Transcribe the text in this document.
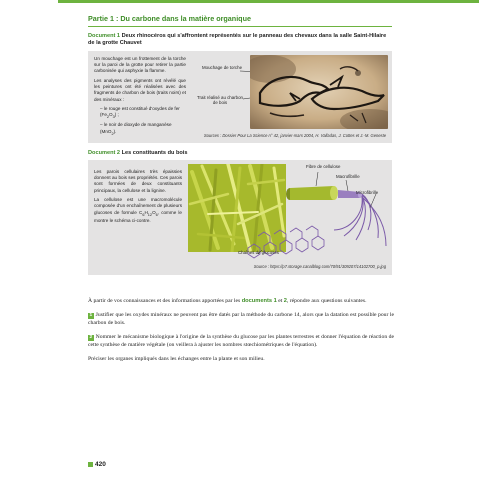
Partie 1 : Du carbone dans la matière organique
Document 1 Deux rhinocéros qui s'affrontent représentés sur le panneau des chevaux dans la salle Saint-Hilaire de la grotte Chauvet

Un mouchage est un frottement de la torche sur la paroi de la grotte pour retirer la partie carbonisée qui asphyxie la flamme.

Les analyses des pigments ont révélé que les peintures ont été réalisées avec des fragments de charbon de bois (traits noirs) et des minéraux :

– le rouge est constitué d'oxydes de fer $(Fe_2O_3)$ ;
– le noir de dioxyde de manganèse (MnO$_2$).
Mouchage de torche
Trait réalisé au charbon de bois
Sources : Dossier Pour La Science n° 42, janvier-mars 2004, H. Valladas, J. Cottes et J.-M. Geneste
Document 2 Les constituants du bois

Les parois cellulaires très épaissies donnent au bois ses propriétés. Ces parois sont formées de deux constituants principaux, la cellulose et la lignine.

La cellulose est une macromolécule composée d'un enchaînement de plusieurs glucoses de formule $C_6H_{12}O_6$, comme le montre le schéma ci-contre.

Fibre de cellulose
Macrofibrille
Microfibrille
Chaînes de glucoses
Source : https://p7.storage.canalblog.com/70/91/309207/14102700_p.jpg

À partir de vos connaissances et des informations apportées par les documents 1 et 2, répondre aux questions suivantes.

1 Justifier que les oxydes minéraux ne peuvent pas être datés par la méthode du carbone 14, alors que la datation est possible pour le charbon de bois.

2 Nommer le mécanisme biologique à l'origine de la synthèse du glucose par les plantes terrestres et donner l'équation de réaction de cette synthèse de matière végétale (on veillera à ajuster les nombres stœchiométriques de l'équation).

Préciser les organes impliqués dans les échanges entre la plante et son milieu.

420
